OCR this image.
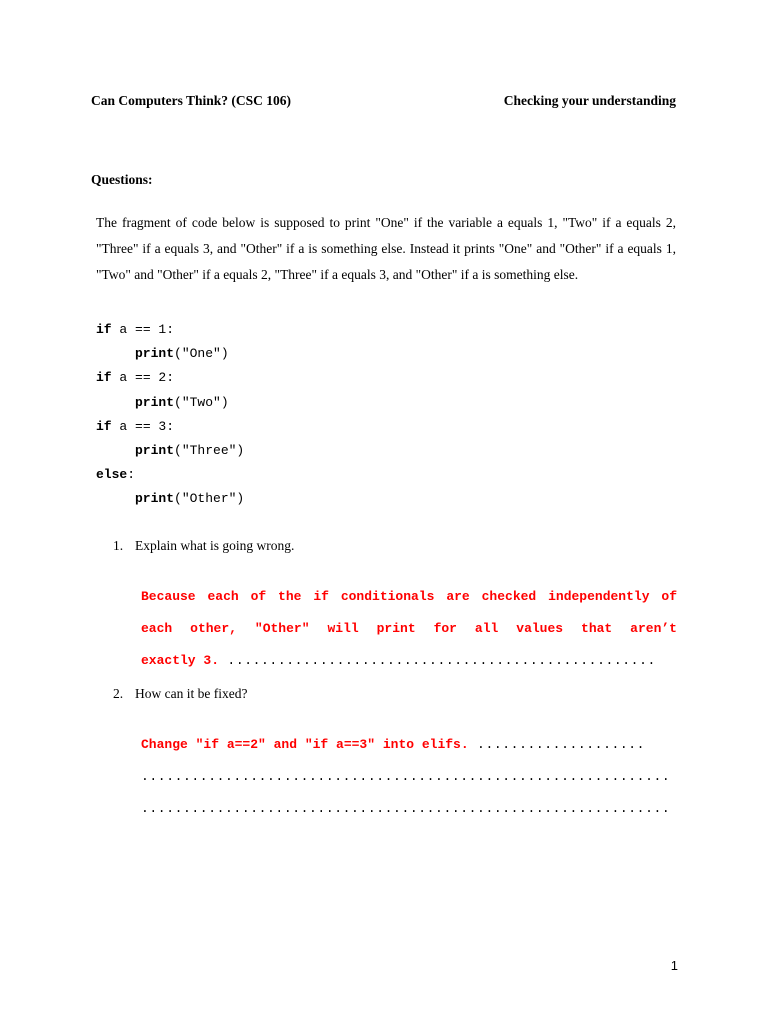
Can Computers Think? (CSC 106)	Checking your understanding
Questions:

The fragment of code below is supposed to print "One" if the variable a equals 1, "Two" if a equals 2, "Three" if a equals 3, and "Other" if a is something else. Instead it prints "One" and "Other" if a equals 1, "Two" and "Other" if a equals 2, "Three" if a equals 3, and "Other" if a is something else.

if a == 1:
print("One")
if a == 2:
print("Two")
if a == 3:
print("Three")
else:
print("Other")
1. Explain what is going wrong.
Because each of the if conditionals are checked independently of
each other, "Other" will print for all values that aren’t
exactly 3. ...................................................
2. How can it be fixed?
Change "if a==2" and "if a==3" into elifs. ....................
...............................................................
...............................................................
1
